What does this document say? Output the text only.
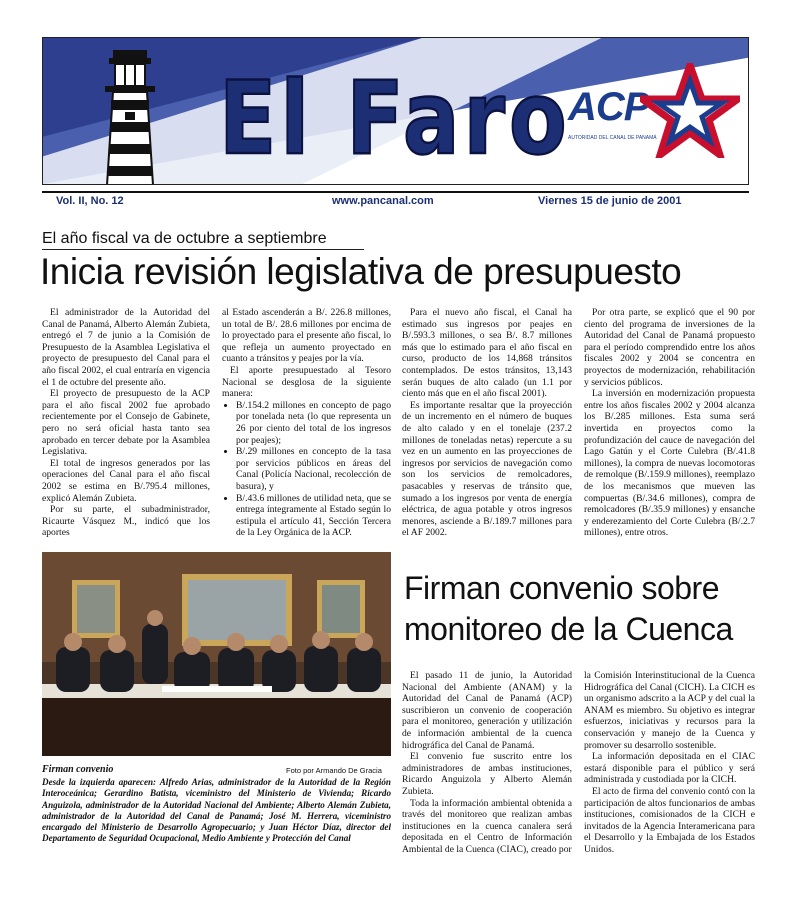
El Faro
ACP
AUTORIDAD DEL CANAL DE PANAMÁ
Vol. II, No. 12	www.pancanal.com	Viernes 15 de junio de 2001
El año fiscal va de octubre a septiembre
Inicia revisión legislativa de presupuesto

El administrador de la Autoridad del Canal de Panamá, Alberto Alemán Zubieta, entregó el 7 de junio a la Comisión de Presupuesto de la Asamblea Legislativa el proyecto de presupuesto del Canal para el año fiscal 2002, el cual entraría en vigencia el 1 de octubre del presente año.

El proyecto de presupuesto de la ACP para el año fiscal 2002 fue aprobado recientemente por el Consejo de Gabinete, pero no será oficial hasta tanto sea aprobado en tercer debate por la Asamblea Legislativa.

El total de ingresos generados por las operaciones del Canal para el año fiscal 2002 se estima en B/.795.4 millones, explicó Alemán Zubieta.

Por su parte, el subadministrador, Ricaurte Vásquez M., indicó que los aportes

al Estado ascenderán a B/. 226.8 millones, un total de B/. 28.6 millones por encima de lo proyectado para el presente año fiscal, lo que refleja un aumento proyectado en cuanto a tránsitos y peajes por la vía.

El aporte presupuestado al Tesoro Nacional se desglosa de la siguiente manera:

• B/.154.2 millones en concepto de pago por tonelada neta (lo que representa un 26 por ciento del total de los ingresos por peajes);
• B/.29 millones en concepto de la tasa por servicios públicos en áreas del Canal (Policía Nacional, recolección de basura), y
• B/.43.6 millones de utilidad neta, que se entrega íntegramente al Estado según lo estipula el artículo 41, Sección Tercera de la Ley Orgánica de la ACP.

Para el nuevo año fiscal, el Canal ha estimado sus ingresos por peajes en B/.593.3 millones, o sea B/. 8.7 millones más que lo estimado para el año fiscal en curso, producto de los 14,868 tránsitos contemplados. De estos tránsitos, 13,143 serán buques de alto calado (un 1.1 por ciento más que en el año fiscal 2001).

Es importante resaltar que la proyección de un incremento en el número de buques de alto calado y en el tonelaje (237.2 millones de toneladas netas) repercute a su vez en un aumento en las proyecciones de ingresos por servicios de navegación como son los servicios de remolcadores, pasacables y reservas de tránsito que, sumado a los ingresos por venta de energía eléctrica, de agua potable y otros ingresos menores, asciende a B/.189.7 millones para el AF 2002.

Por otra parte, se explicó que el 90 por ciento del programa de inversiones de la Autoridad del Canal de Panamá propuesto para el período comprendido entre los años fiscales 2002 y 2004 se concentra en proyectos de modernización, rehabilitación y servicios públicos.

La inversión en modernización propuesta entre los años fiscales 2002 y 2004 alcanza los B/.285 millones. Esta suma será invertida en proyectos como la profundización del cauce de navegación del Lago Gatún y el Corte Culebra (B/.41.8 millones), la compra de nuevas locomotoras de remolque (B/.159.9 millones), reemplazo de los mecanismos que mueven las compuertas (B/.34.6 millones), compra de remolcadores (B/.35.9 millones) y ensanche y enderezamiento del Corte Culebra (B/.2.7 millones), entre otros.

Firman convenio	Foto por Armando De Gracia
Desde la izquierda aparecen: Alfredo Arias, administrador de la Autoridad de la Región Interoceánica; Gerardino Batista, viceministro del Ministerio de Vivienda; Ricardo Anguizola, administrador de la Autoridad Nacional del Ambiente; Alberto Alemán Zubieta, administrador de la Autoridad del Canal de Panamá; José M. Herrera, viceministro encargado del Ministerio de Desarrollo Agropecuario; y Juan Héctor Díaz, director del Departamento de Seguridad Ocupacional, Medio Ambiente y Protección del Canal
Firman convenio sobre monitoreo de la Cuenca

El pasado 11 de junio, la Autoridad Nacional del Ambiente (ANAM) y la Autoridad del Canal de Panamá (ACP) suscribieron un convenio de cooperación para el monitoreo, generación y utilización de información ambiental de la cuenca hidrográfica del Canal de Panamá.

El convenio fue suscrito entre los administradores de ambas instituciones, Ricardo Anguizola y Alberto Alemán Zubieta.

Toda la información ambiental obtenida a través del monitoreo que realizan ambas instituciones en la cuenca canalera será depositada en el Centro de Información Ambiental de la Cuenca (CIAC), creado por

la Comisión Interinstitucional de la Cuenca Hidrográfica del Canal (CICH). La CICH es un organismo adscrito a la ACP y del cual la ANAM es miembro. Su objetivo es integrar esfuerzos, iniciativas y recursos para la conservación y manejo de la Cuenca y promover su desarrollo sostenible.

La información depositada en el CIAC estará disponible para el público y será administrada y custodiada por la CICH.

El acto de firma del convenio contó con la participación de altos funcionarios de ambas instituciones, comisionados de la CICH e invitados de la Agencia Interamericana para el Desarrollo y la Embajada de los Estados Unidos.
